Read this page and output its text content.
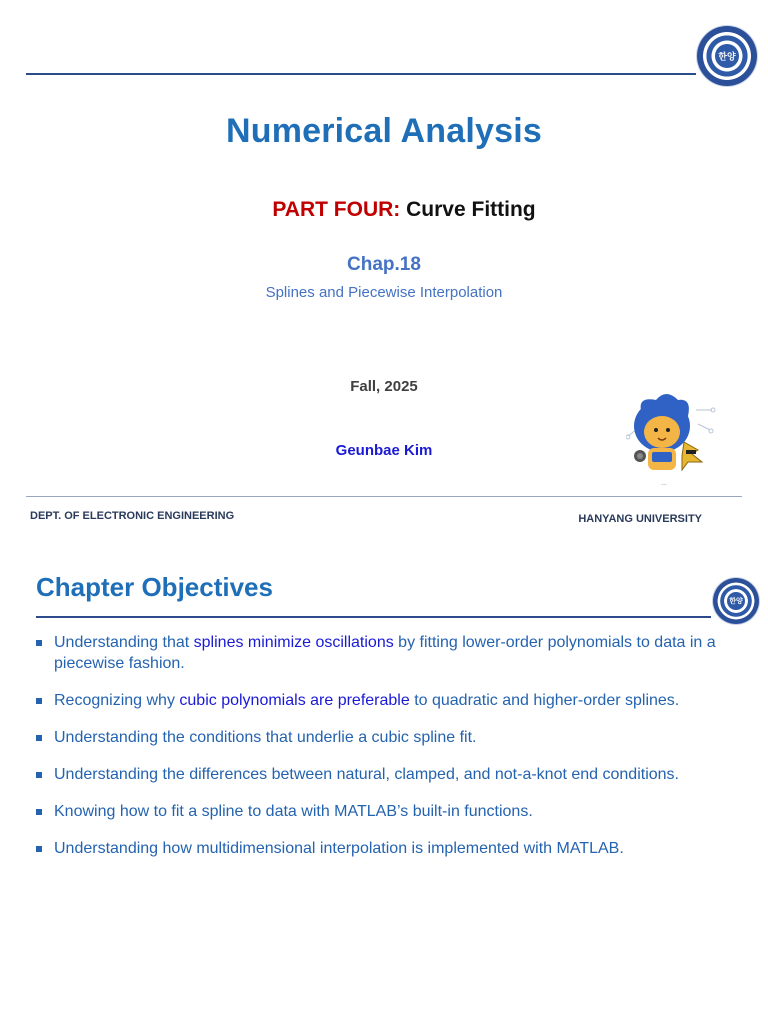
한양
Numerical Analysis
PART FOUR: Curve Fitting
Chap.18
Splines and Piecewise Interpolation
Fall, 2025
Geunbae Kim
◦◦◦
DEPT. OF ELECTRONIC ENGINEERING	HANYANG UNIVERSITY
Chapter Objectives	한양
Understanding that splines minimize oscillations by fitting lower-order polynomials to data in a piecewise fashion.
Recognizing why cubic polynomials are preferable to quadratic and higher-order splines.
Understanding the conditions that underlie a cubic spline fit.
Understanding the differences between natural, clamped, and not-a-knot end conditions.
Knowing how to fit a spline to data with MATLAB’s built-in functions.
Understanding how multidimensional interpolation is implemented with MATLAB.
